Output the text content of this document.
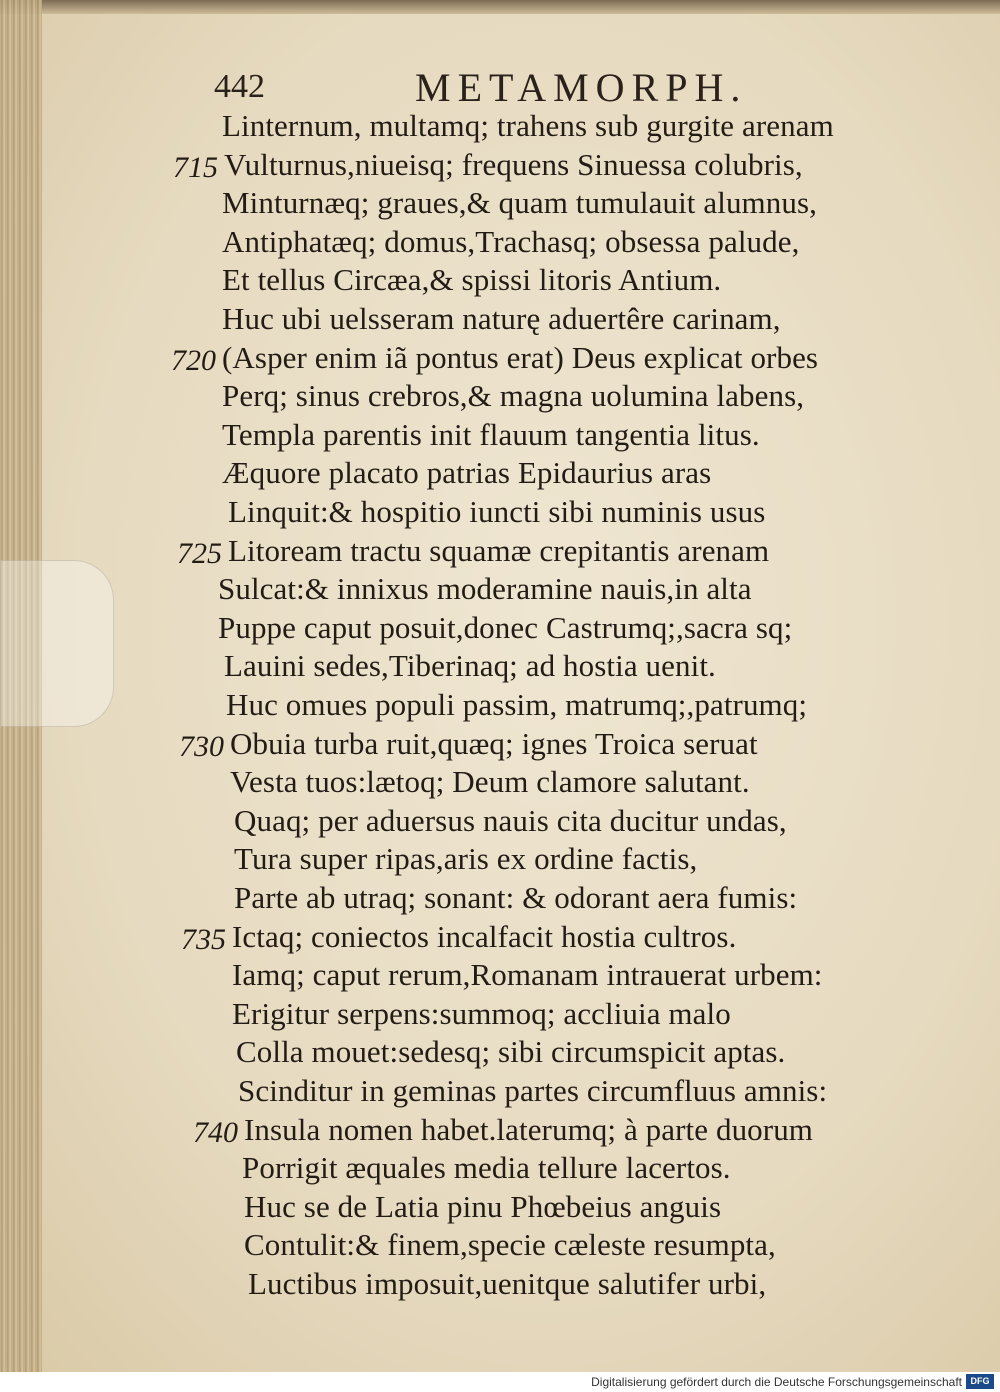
442	METAMORPH.
Linternum, multamq; trahens sub gurgite arenam
715 Vulturnus,niueisq; frequens Sinuessa colubris,
Minturnæq; graues,& quam tumulauit alumnus,
Antiphatæq; domus,Trachasq; obsessa palude,
Et tellus Circæa,& spissi litoris Antium.
Huc ubi uelsseram naturę aduertêre carinam,
720 (Asper enim iã pontus erat) Deus explicat orbes
Perq; sinus crebros,& magna uolumina labens,
Templa parentis init flauum tangentia litus.
Æquore placato patrias Epidaurius aras
Linquit:& hospitio iuncti sibi numinis usus
725 Litoream tractu squamæ crepitantis arenam
Sulcat:& innixus moderamine nauis,in alta
Puppe caput posuit,donec Castrumq;,sacra sq;
Lauini sedes,Tiberinaq; ad hostia uenit.
Huc omues populi passim, matrumq;,patrumq;
730 Obuia turba ruit,quæq; ignes Troica seruat
Vesta tuos:lætoq; Deum clamore salutant.
Quaq; per aduersus nauis cita ducitur undas,
Tura super ripas,aris ex ordine factis,
Parte ab utraq; sonant: & odorant aera fumis:
735 Ictaq; coniectos incalfacit hostia cultros.
Iamq; caput rerum,Romanam intrauerat urbem:
Erigitur serpens:summoq; accliuia malo
Colla mouet:sedesq; sibi circumspicit aptas.
Scinditur in geminas partes circumfluus amnis:
740 Insula nomen habet.laterumq; à parte duorum
Porrigit æquales media tellure lacertos.
Huc se de Latia pinu Phœbeius anguis
Contulit:& finem,specie cæleste resumpta,
Luctibus imposuit,uenitque salutifer urbi,
Digitalisierung gefördert durch die Deutsche Forschungsgemeinschaft DFG
